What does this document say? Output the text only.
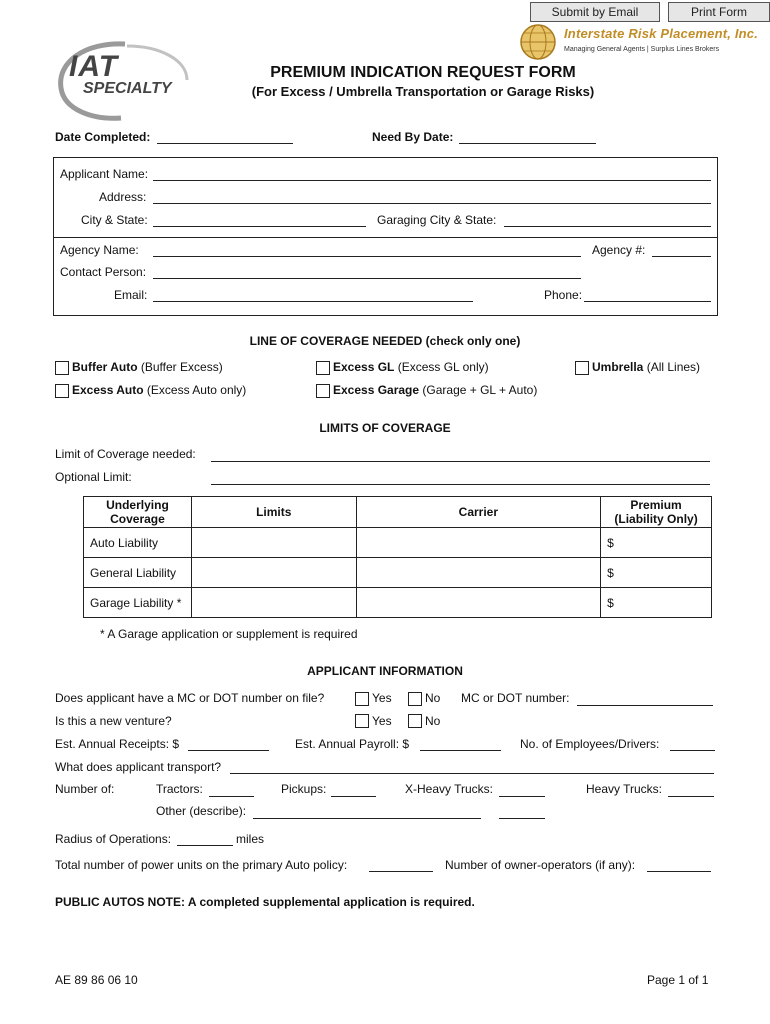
Submit by Email	Print Form
IAT
SPECIALTY
Interstate Risk Placement, Inc.
Managing General Agents | Surplus Lines Brokers
PREMIUM INDICATION REQUEST FORM
(For Excess / Umbrella Transportation or Garage Risks)
Date Completed:	Need By Date:
Applicant Name:
Address:
City & State:	Garaging City & State:
Agency Name:	Agency #:
Contact Person:
Email:	Phone:
LINE OF COVERAGE NEEDED (check only one)
Buffer Auto (Buffer Excess)	Excess GL (Excess GL only)	Umbrella (All Lines)
Excess Auto (Excess Auto only)	Excess Garage (Garage + GL + Auto)
LIMITS OF COVERAGE
Limit of Coverage needed:
Optional Limit:
Underlying Coverage	Limits	Carrier	Premium (Liability Only)
Auto Liability			$
General Liability			$
Garage Liability *			$
* A Garage application or supplement is required
APPLICANT INFORMATION
Does applicant have a MC or DOT number on file?	Yes	No MC or DOT number:
Is this a new venture?	Yes	No
Est. Annual Receipts: $	Est. Annual Payroll: $	No. of Employees/Drivers:
What does applicant transport?
Number of:	Tractors:	Pickups:	X-Heavy Trucks:	Heavy Trucks:
Other (describe):
Radius of Operations:	miles
Total number of power units on the primary Auto policy:	Number of owner-operators (if any):
PUBLIC AUTOS NOTE: A completed supplemental application is required.
AE 89 86 06 10	Page 1 of 1
